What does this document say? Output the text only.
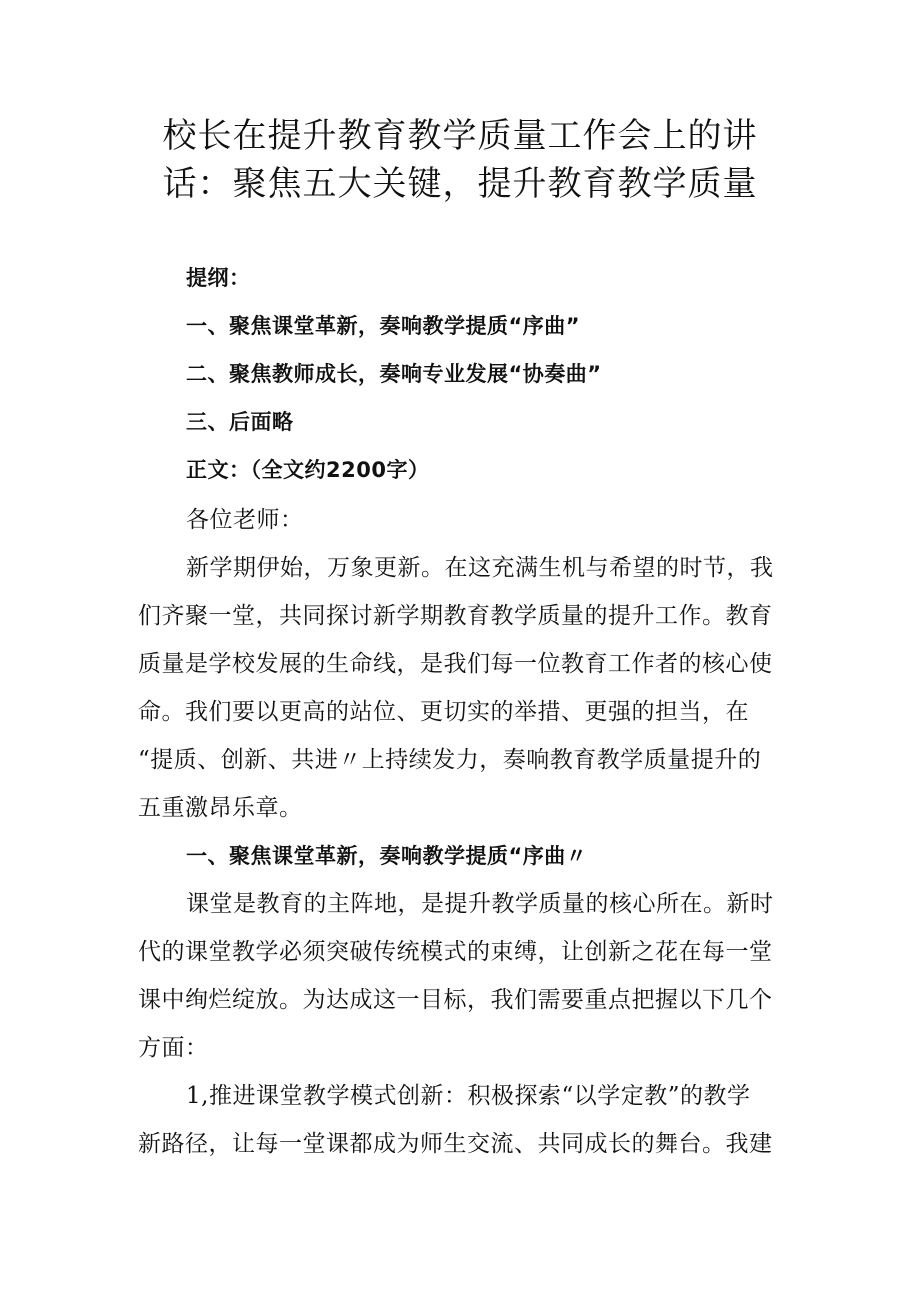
校长在提升教育教学质量工作会上的讲
话：聚焦五大关键，提升教育教学质量

提纲：

一、聚焦课堂革新，奏响教学提质“序曲”

二、聚焦教师成长，奏响专业发展“协奏曲”

三、后面略

正文：（全文约2200字）

各位老师：

新学期伊始，万象更新。在这充满生机与希望的时节，我

们齐聚一堂，共同探讨新学期教育教学质量的提升工作。教育

质量是学校发展的生命线，是我们每一位教育工作者的核心使

命。我们要以更高的站位、更切实的举措、更强的担当，在

“提质、创新、共进〃上持续发力，奏响教育教学质量提升的

五重激昂乐章。

一、聚焦课堂革新，奏响教学提质“序曲〃

课堂是教育的主阵地，是提升教学质量的核心所在。新时

代的课堂教学必须突破传统模式的束缚，让创新之花在每一堂

课中绚烂绽放。为达成这一目标，我们需要重点把握以下几个

方面：

1,推进课堂教学模式创新：积极探索“以学定教”的教学

新路径，让每一堂课都成为师生交流、共同成长的舞台。我建
